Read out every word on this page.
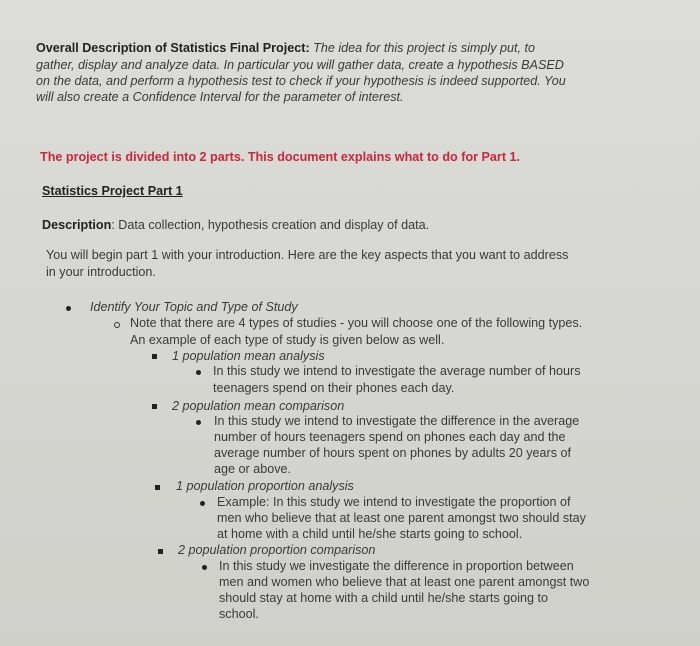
Overall Description of Statistics Final Project: The idea for this project is simply put, to
gather, display and analyze data. In particular you will gather data, create a hypothesis BASED
on the data, and perform a hypothesis test to check if your hypothesis is indeed supported. You
will also create a Confidence Interval for the parameter of interest.
The project is divided into 2 parts. This document explains what to do for Part 1.
Statistics Project Part 1
Description: Data collection, hypothesis creation and display of data.
You will begin part 1 with your introduction. Here are the key aspects that you want to address
in your introduction.
Identify Your Topic and Type of Study
Note that there are 4 types of studies - you will choose one of the following types.
An example of each type of study is given below as well.
1 population mean analysis
In this study we intend to investigate the average number of hours
teenagers spend on their phones each day.
2 population mean comparison
In this study we intend to investigate the difference in the average
number of hours teenagers spend on phones each day and the
average number of hours spent on phones by adults 20 years of
age or above.
1 population proportion analysis
Example: In this study we intend to investigate the proportion of
men who believe that at least one parent amongst two should stay
at home with a child until he/she starts going to school.
2 population proportion comparison
In this study we investigate the difference in proportion between
men and women who believe that at least one parent amongst two
should stay at home with a child until he/she starts going to
school.
